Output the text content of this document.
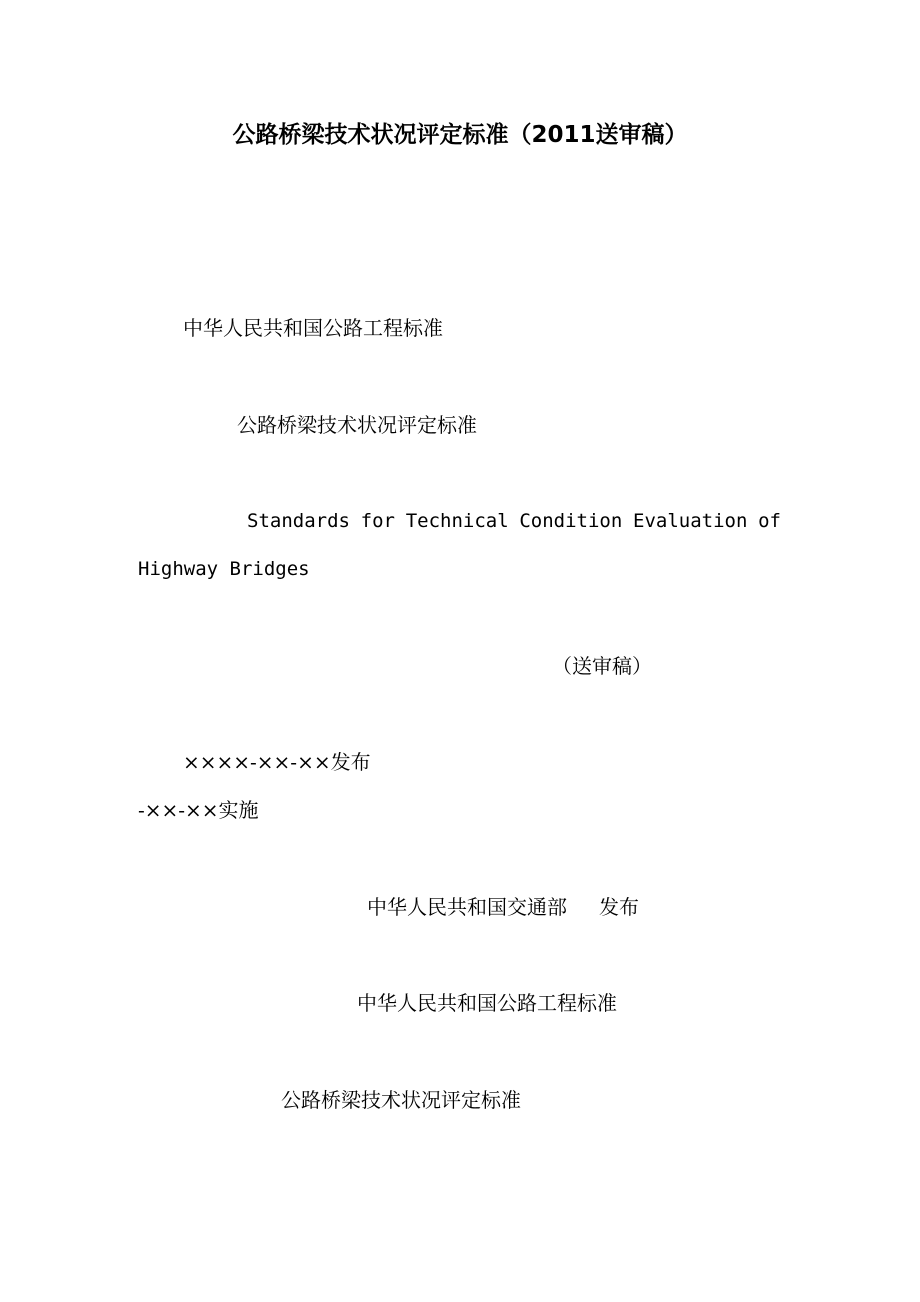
公路桥梁技术状况评定标准（2011送审稿）
中华人民共和国公路工程标准
公路桥梁技术状况评定标准
Standards for Technical Condition Evaluation of
Highway Bridges
（送审稿）
××××-××-××发布
-××-××实施
中华人民共和国交通部 发布
中华人民共和国公路工程标准
公路桥梁技术状况评定标准
